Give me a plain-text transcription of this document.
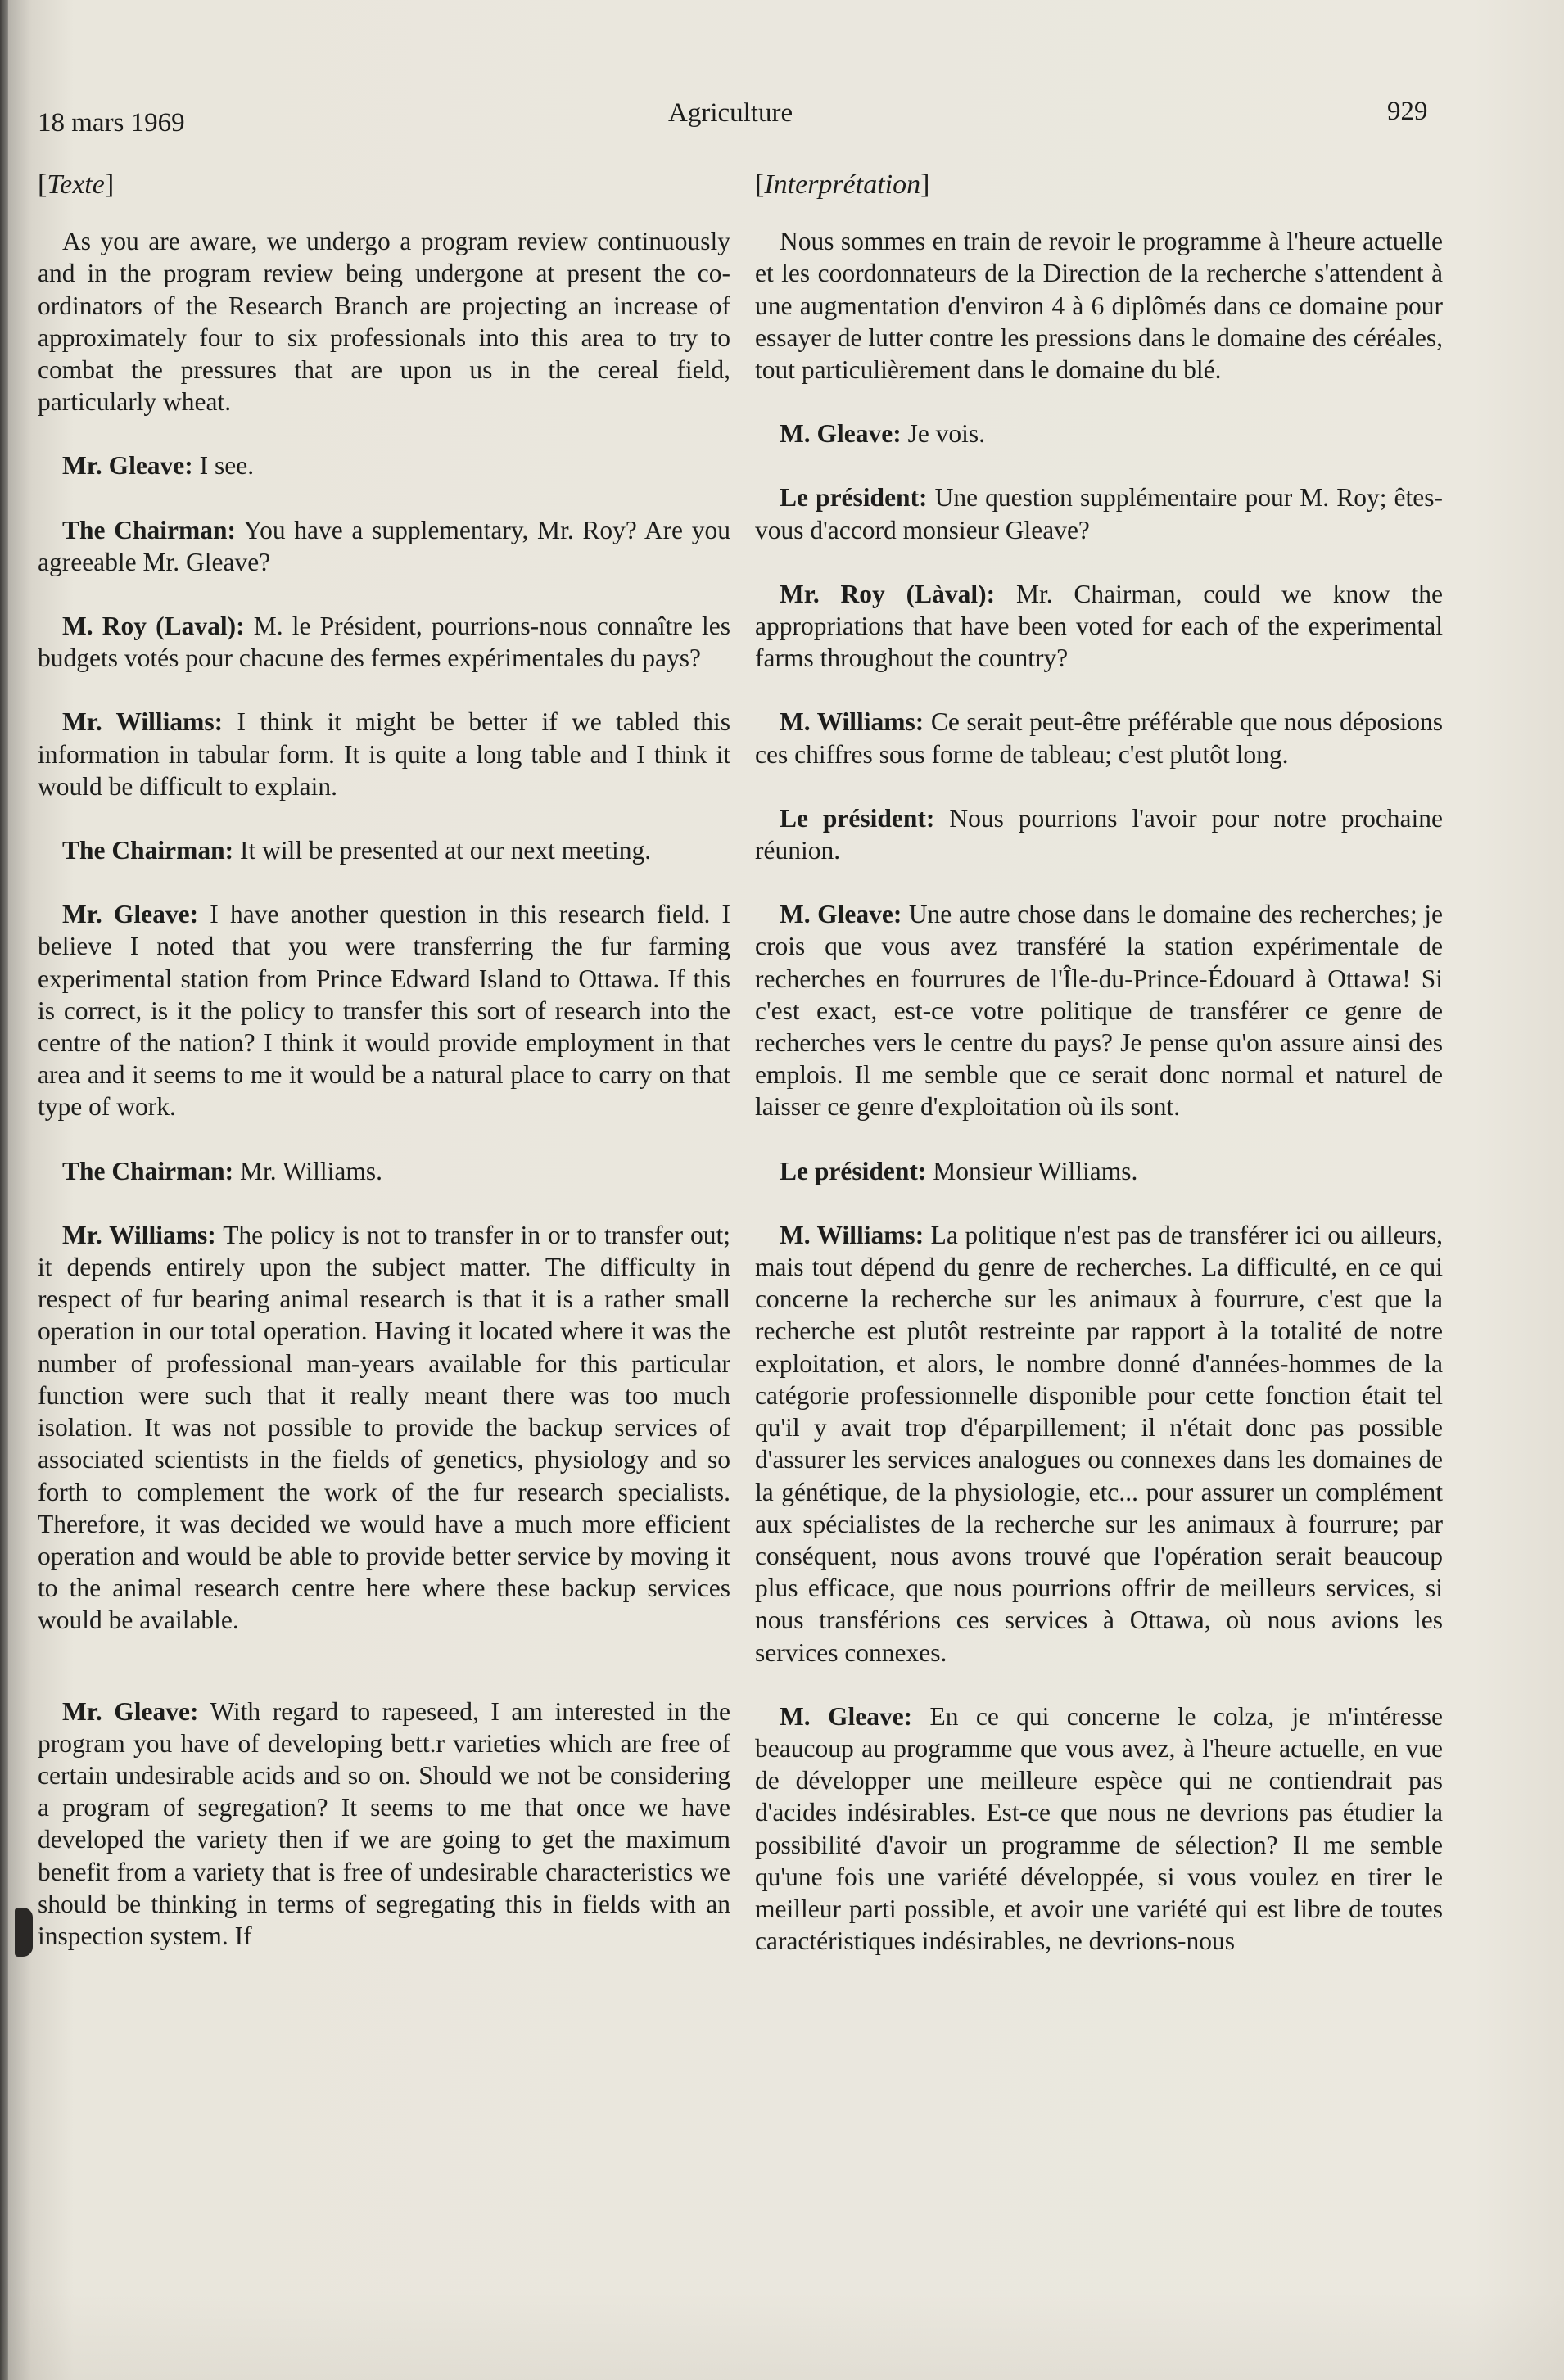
18 mars 1969	Agriculture	929
[Texte]

As you are aware, we undergo a program review continuously and in the program review being undergone at present the co-ordinators of the Research Branch are projecting an increase of approximately four to six professionals into this area to try to combat the pressures that are upon us in the cereal field, particularly wheat.

Mr. Gleave: I see.

The Chairman: You have a supplementary, Mr. Roy? Are you agreeable Mr. Gleave?

M. Roy (Laval): M. le Président, pourrions-nous connaître les budgets votés pour chacune des fermes expérimentales du pays?

Mr. Williams: I think it might be better if we tabled this information in tabular form. It is quite a long table and I think it would be difficult to explain.

The Chairman: It will be presented at our next meeting.

Mr. Gleave: I have another question in this research field. I believe I noted that you were transferring the fur farming experimental station from Prince Edward Island to Ottawa. If this is correct, is it the policy to transfer this sort of research into the centre of the nation? I think it would provide employment in that area and it seems to me it would be a natural place to carry on that type of work.

The Chairman: Mr. Williams.

Mr. Williams: The policy is not to transfer in or to transfer out; it depends entirely upon the subject matter. The difficulty in respect of fur bearing animal research is that it is a rather small operation in our total operation. Having it located where it was the number of professional man-years available for this particular function were such that it really meant there was too much isolation. It was not possible to provide the backup services of associated scientists in the fields of genetics, physiology and so forth to complement the work of the fur research specialists. Therefore, it was decided we would have a much more efficient operation and would be able to provide better service by moving it to the animal research centre here where these backup services would be available.

Mr. Gleave: With regard to rapeseed, I am interested in the program you have of developing bett.r varieties which are free of certain undesirable acids and so on. Should we not be considering a program of segregation? It seems to me that once we have developed the variety then if we are going to get the maximum benefit from a variety that is free of undesirable characteristics we should be thinking in terms of segregating this in fields with an inspection system. If

[Interprétation]

Nous sommes en train de revoir le programme à l'heure actuelle et les coordonnateurs de la Direction de la recherche s'attendent à une augmentation d'environ 4 à 6 diplômés dans ce domaine pour essayer de lutter contre les pressions dans le domaine des céréales, tout particulièrement dans le domaine du blé.

M. Gleave: Je vois.

Le président: Une question supplémentaire pour M. Roy; êtes-vous d'accord monsieur Gleave?

Mr. Roy (Làval): Mr. Chairman, could we know the appropriations that have been voted for each of the experimental farms throughout the country?

M. Williams: Ce serait peut-être préférable que nous déposions ces chiffres sous forme de tableau; c'est plutôt long.

Le président: Nous pourrions l'avoir pour notre prochaine réunion.

M. Gleave: Une autre chose dans le domaine des recherches; je crois que vous avez transféré la station expérimentale de recherches en fourrures de l'Île-du-Prince-Édouard à Ottawa! Si c'est exact, est-ce votre politique de transférer ce genre de recherches vers le centre du pays? Je pense qu'on assure ainsi des emplois. Il me semble que ce serait donc normal et naturel de laisser ce genre d'exploitation où ils sont.

Le président: Monsieur Williams.

M. Williams: La politique n'est pas de transférer ici ou ailleurs, mais tout dépend du genre de recherches. La difficulté, en ce qui concerne la recherche sur les animaux à fourrure, c'est que la recherche est plutôt restreinte par rapport à la totalité de notre exploitation, et alors, le nombre donné d'années-hommes de la catégorie professionnelle disponible pour cette fonction était tel qu'il y avait trop d'éparpillement; il n'était donc pas possible d'assurer les services analogues ou connexes dans les domaines de la génétique, de la physiologie, etc... pour assurer un complément aux spécialistes de la recherche sur les animaux à fourrure; par conséquent, nous avons trouvé que l'opération serait beaucoup plus efficace, que nous pourrions offrir de meilleurs services, si nous transférions ces services à Ottawa, où nous avions les services connexes.

M. Gleave: En ce qui concerne le colza, je m'intéresse beaucoup au programme que vous avez, à l'heure actuelle, en vue de développer une meilleure espèce qui ne contiendrait pas d'acides indésirables. Est-ce que nous ne devrions pas étudier la possibilité d'avoir un programme de sélection? Il me semble qu'une fois une variété développée, si vous voulez en tirer le meilleur parti possible, et avoir une variété qui est libre de toutes caractéristiques indésirables, ne devrions-nous
